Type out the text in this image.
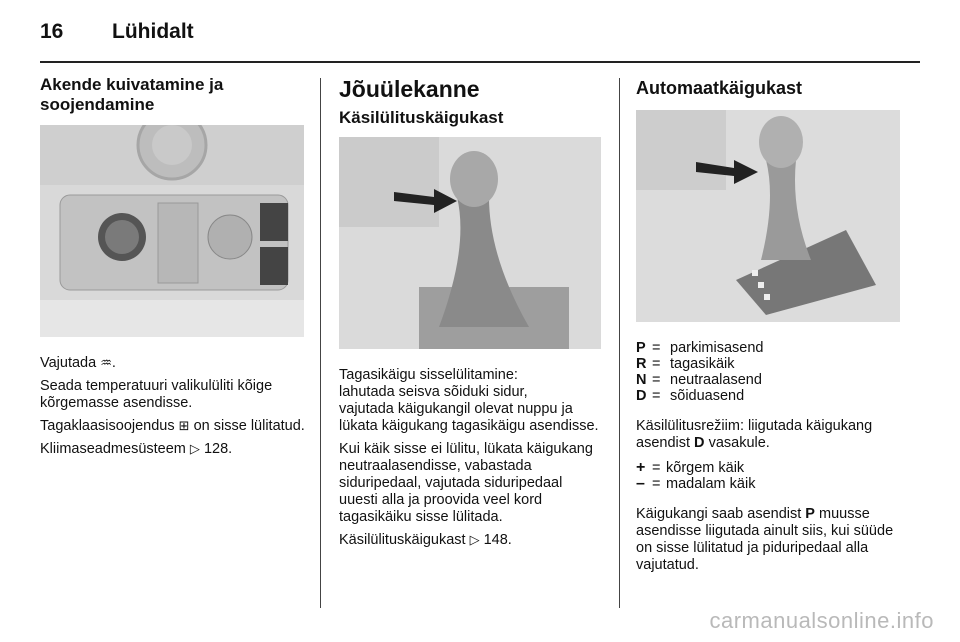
16 Lühidalt
Akende kuivatamine ja
soojendamine

Vajutada ♒.

Seada temperatuuri valikulüliti kõige kõrgemasse asendisse.

Tagaklaasisoojendus ⊞ on sisse lülitatud.

Kliimaseadmesüsteem ▷ 128.

Jõuülekanne
Käsilülituskäigukast

Tagasikäigu sisselülitamine:
lahutada seisva sõiduki sidur,
vajutada käigukangil olevat nuppu ja lükata käigukang tagasikäigu asendisse.

Kui käik sisse ei lülitu, lükata käigukang neutraalasendisse, vabastada siduripedaal, vajutada siduripedaal uuesti alla ja proovida veel kord tagasikäiku sisse lülitada.

Käsilülituskäigukast ▷ 148.

Automaatkäigukast
P = parkimisasend
R = tagasikäik
N = neutraalasend
D = sõiduasend

Käsilülitusrežiim: liigutada käigukang asendist D vasakule.

+ = kõrgem käik
– = madalam käik

Käigukangi saab asendist P muusse asendisse liigutada ainult siis, kui süüde on sisse lülitatud ja piduripedaal alla vajutatud.

carmanualsonline.info
